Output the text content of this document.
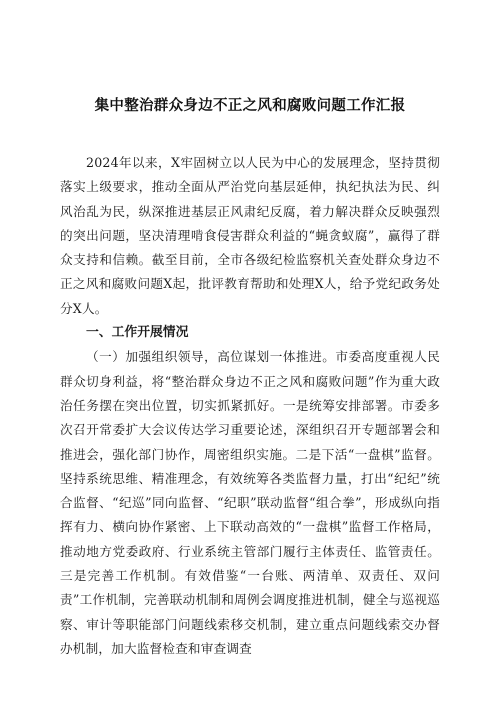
集中整治群众身边不正之风和腐败问题工作汇报

2024年以来，X牢固树立以人民为中心的发展理念，坚持贯彻落实上级要求，推动全面从严治党向基层延伸，执纪执法为民、纠风治乱为民，纵深推进基层正风肃纪反腐，着力解决群众反映强烈的突出问题，坚决清理啃食侵害群众利益的“蝇贪蚁腐”，赢得了群众支持和信赖。截至目前，全市各级纪检监察机关查处群众身边不正之风和腐败问题X起，批评教育帮助和处理X人，给予党纪政务处分X人。

一、工作开展情况

（一）加强组织领导，高位谋划一体推进。市委高度重视人民群众切身利益，将“整治群众身边不正之风和腐败问题”作为重大政治任务摆在突出位置，切实抓紧抓好。一是统筹安排部署。市委多次召开常委扩大会议传达学习重要论述，深组织召开专题部署会和推进会，强化部门协作，周密组织实施。二是下活“一盘棋”监督。坚持系统思维、精准理念，有效统筹各类监督力量，打出“纪纪”统合监督、“纪巡”同向监督、“纪职”联动监督“组合拳”，形成纵向指挥有力、横向协作紧密、上下联动高效的“一盘棋”监督工作格局，推动地方党委政府、行业系统主管部门履行主体责任、监管责任。三是完善工作机制。有效借鉴“一台账、两清单、双责任、双问责”工作机制，完善联动机制和周例会调度推进机制，健全与巡视巡察、审计等职能部门问题线索移交机制，建立重点问题线索交办督办机制，加大监督检查和审查调查
